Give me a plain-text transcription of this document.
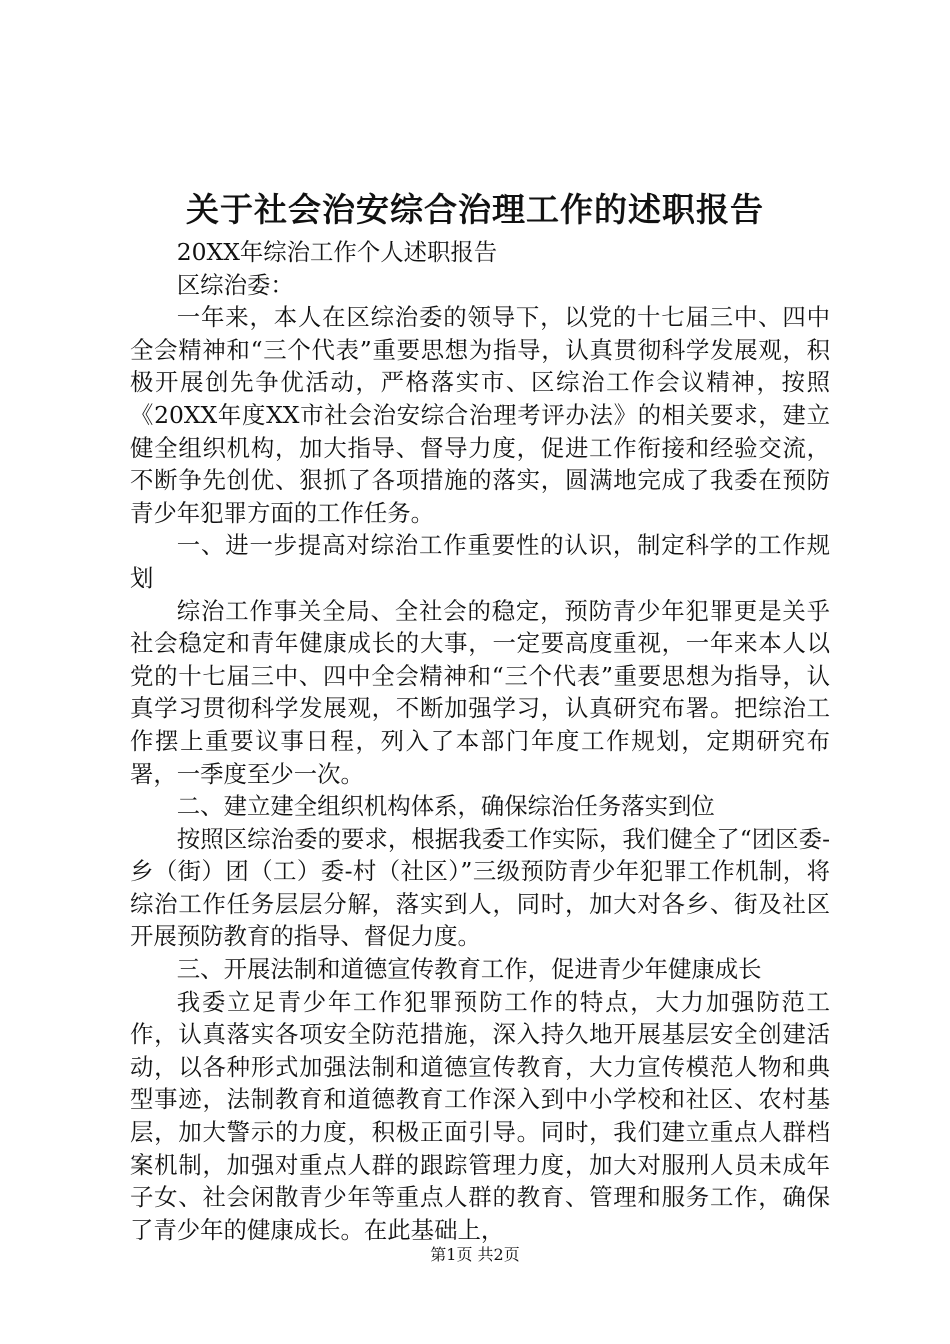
关于社会治安综合治理工作的述职报告

20XX年综治工作个人述职报告

区综治委：

一年来，本人在区综治委的领导下，以党的十七届三中、四中全会精神和“三个代表”重要思想为指导，认真贯彻科学发展观，积极开展创先争优活动，严格落实市、区综治工作会议精神，按照《20XX年度XX市社会治安综合治理考评办法》的相关要求，建立健全组织机构，加大指导、督导力度，促进工作衔接和经验交流，不断争先创优、狠抓了各项措施的落实，圆满地完成了我委在预防青少年犯罪方面的工作任务。

一、进一步提高对综治工作重要性的认识，制定科学的工作规划

综治工作事关全局、全社会的稳定，预防青少年犯罪更是关乎社会稳定和青年健康成长的大事，一定要高度重视，一年来本人以党的十七届三中、四中全会精神和“三个代表”重要思想为指导，认真学习贯彻科学发展观，不断加强学习，认真研究布署。把综治工作摆上重要议事日程，列入了本部门年度工作规划，定期研究布署，一季度至少一次。

二、建立建全组织机构体系，确保综治任务落实到位

按照区综治委的要求，根据我委工作实际，我们健全了“团区委-乡（街）团（工）委-村（社区）”三级预防青少年犯罪工作机制，将综治工作任务层层分解，落实到人，同时，加大对各乡、街及社区开展预防教育的指导、督促力度。

三、开展法制和道德宣传教育工作，促进青少年健康成长

我委立足青少年工作犯罪预防工作的特点，大力加强防范工作，认真落实各项安全防范措施，深入持久地开展基层安全创建活动，以各种形式加强法制和道德宣传教育，大力宣传模范人物和典型事迹，法制教育和道德教育工作深入到中小学校和社区、农村基层，加大警示的力度，积极正面引导。同时，我们建立重点人群档案机制，加强对重点人群的跟踪管理力度，加大对服刑人员未成年子女、社会闲散青少年等重点人群的教育、管理和服务工作，确保了青少年的健康成长。在此基础上，

第1页 共2页
